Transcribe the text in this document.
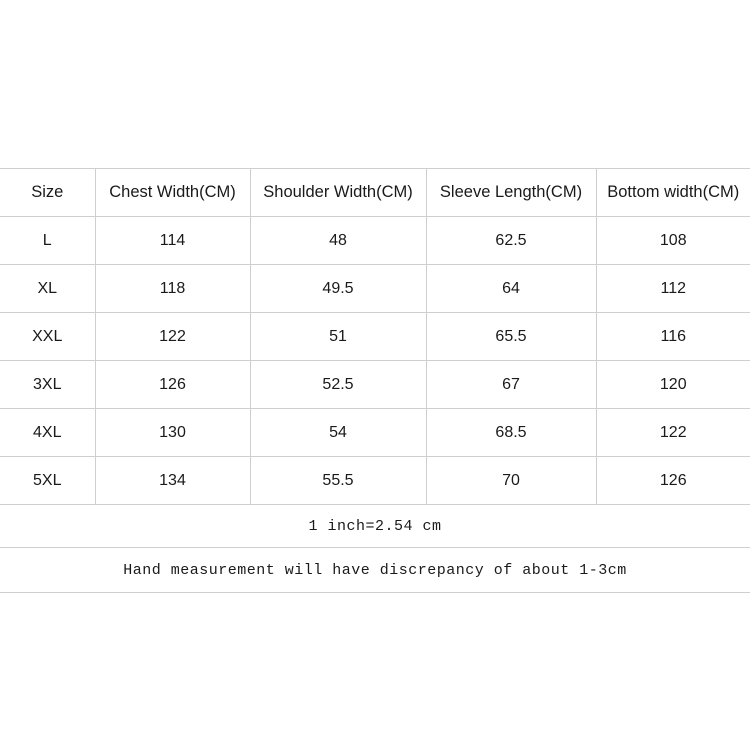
Size	Chest Width(CM)	Shoulder Width(CM)	Sleeve Length(CM)	Bottom width(CM)
L	114	48	62.5	108
XL	118	49.5	64	112
XXL	122	51	65.5	116
3XL	126	52.5	67	120
4XL	130	54	68.5	122
5XL	134	55.5	70	126
1 inch=2.54 cm				
Hand measurement will have discrepancy of about 1-3cm				
